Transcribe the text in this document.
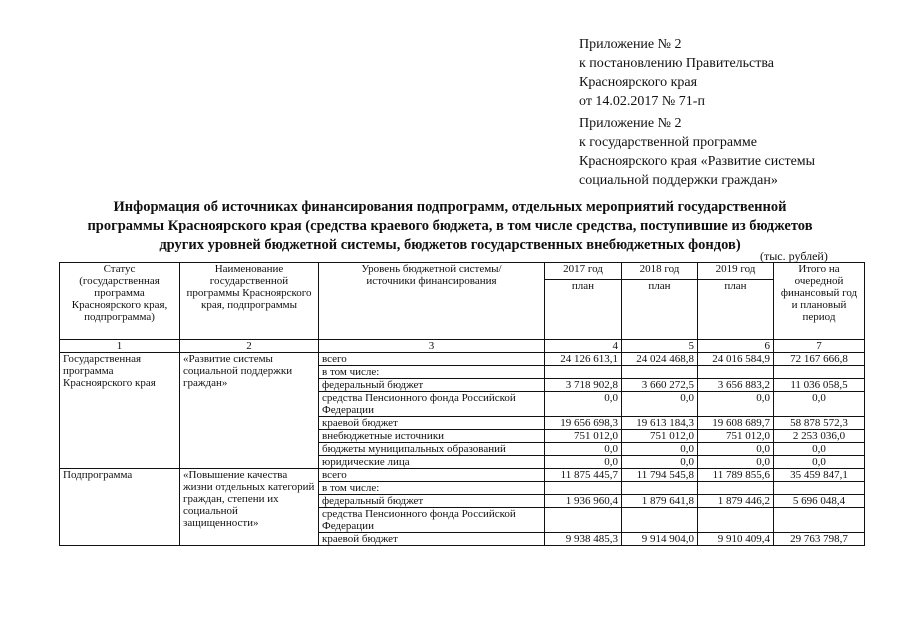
Приложение № 2
к постановлению Правительства
Красноярского края
от 14.02.2017 № 71-п
Приложение № 2
к государственной программе
Красноярского края «Развитие системы
социальной поддержки граждан»
Информация об источниках финансирования подпрограмм, отдельных мероприятий государственной
программы Красноярского края (средства краевого бюджета, в том числе средства, поступившие из бюджетов
других уровней бюджетной системы, бюджетов государственных внебюджетных фондов)
(тыс. рублей)
Статус (государственная программа Красноярского края, подпрограмма)	Наименование государственной программы Красноярского края, подпрограммы	Уровень бюджетной системы/ источники финансирования	2017 год	2018 год	2019 год	Итого на очередной финансовый год и плановый период
			план	план	план	
1	2	3	4	5	6	7
Государственная программа Красноярского края	«Развитие системы социальной поддержки граждан»	всего	24 126 613,1	24 024 468,8	24 016 584,9	72 167 666,8
		в том числе:				
		федеральный бюджет	3 718 902,8	3 660 272,5	3 656 883,2	11 036 058,5
		средства Пенсионного фонда Российской Федерации	0,0	0,0	0,0	0,0
		краевой бюджет	19 656 698,3	19 613 184,3	19 608 689,7	58 878 572,3
		внебюджетные источники	751 012,0	751 012,0	751 012,0	2 253 036,0
		бюджеты муниципальных образований	0,0	0,0	0,0	0,0
		юридические лица	0,0	0,0	0,0	0,0
Подпрограмма	«Повышение качества жизни отдельных категорий граждан, степени их социальной защищенности»	всего	11 875 445,7	11 794 545,8	11 789 855,6	35 459 847,1
		в том числе:				
		федеральный бюджет	1 936 960,4	1 879 641,8	1 879 446,2	5 696 048,4
		средства Пенсионного фонда Российской Федерации				
		краевой бюджет	9 938 485,3	9 914 904,0	9 910 409,4	29 763 798,7
